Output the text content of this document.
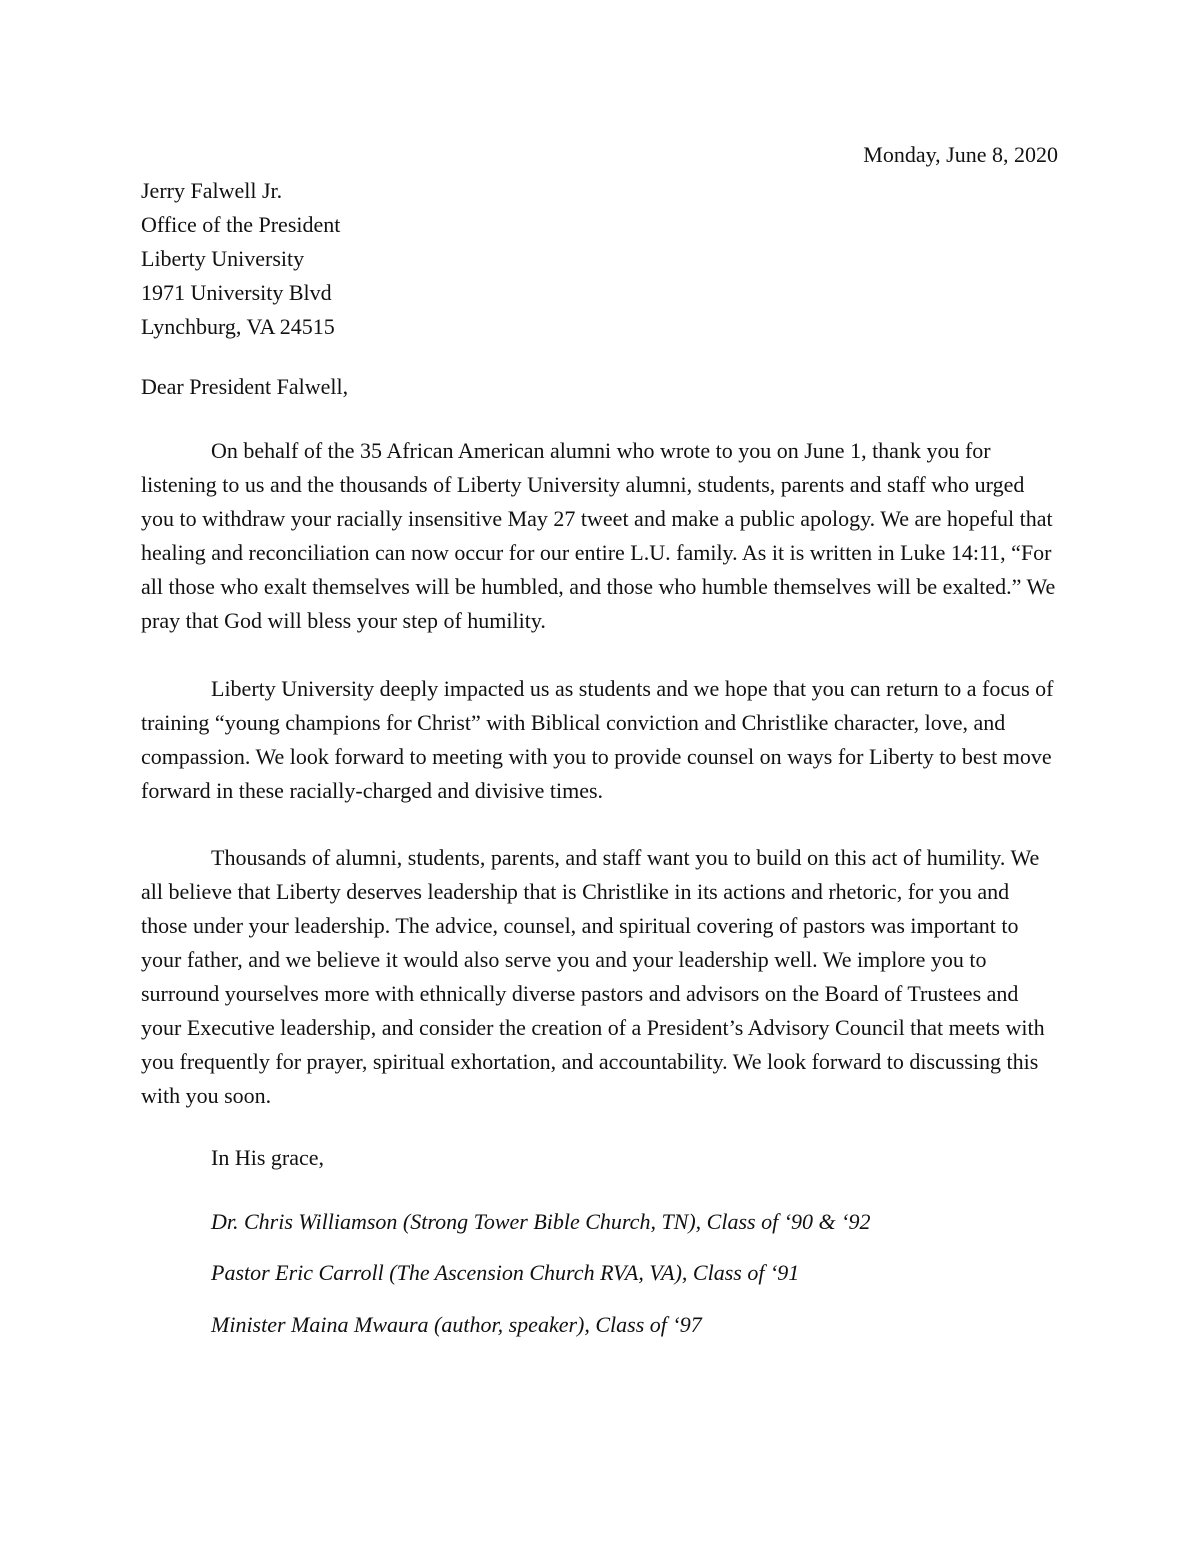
Monday, June 8, 2020
Jerry Falwell Jr.
Office of the President
Liberty University
1971 University Blvd
Lynchburg, VA 24515
Dear President Falwell,

On behalf of the 35 African American alumni who wrote to you on June 1, thank you for listening to us and the thousands of Liberty University alumni, students, parents and staff who urged you to withdraw your racially insensitive May 27 tweet and make a public apology. We are hopeful that healing and reconciliation can now occur for our entire L.U. family. As it is written in Luke 14:11, “For all those who exalt themselves will be humbled, and those who humble themselves will be exalted.” We pray that God will bless your step of humility.

Liberty University deeply impacted us as students and we hope that you can return to a focus of training “young champions for Christ” with Biblical conviction and Christlike character, love, and compassion. We look forward to meeting with you to provide counsel on ways for Liberty to best move forward in these racially-charged and divisive times.

Thousands of alumni, students, parents, and staff want you to build on this act of humility. We all believe that Liberty deserves leadership that is Christlike in its actions and rhetoric, for you and those under your leadership. The advice, counsel, and spiritual covering of pastors was important to your father, and we believe it would also serve you and your leadership well. We implore you to surround yourselves more with ethnically diverse pastors and advisors on the Board of Trustees and your Executive leadership, and consider the creation of a President’s Advisory Council that meets with you frequently for prayer, spiritual exhortation, and accountability. We look forward to discussing this with you soon.

In His grace,
Dr. Chris Williamson (Strong Tower Bible Church, TN), Class of ‘90 & ‘92
Pastor Eric Carroll (The Ascension Church RVA, VA), Class of ‘91
Minister Maina Mwaura (author, speaker), Class of ‘97
